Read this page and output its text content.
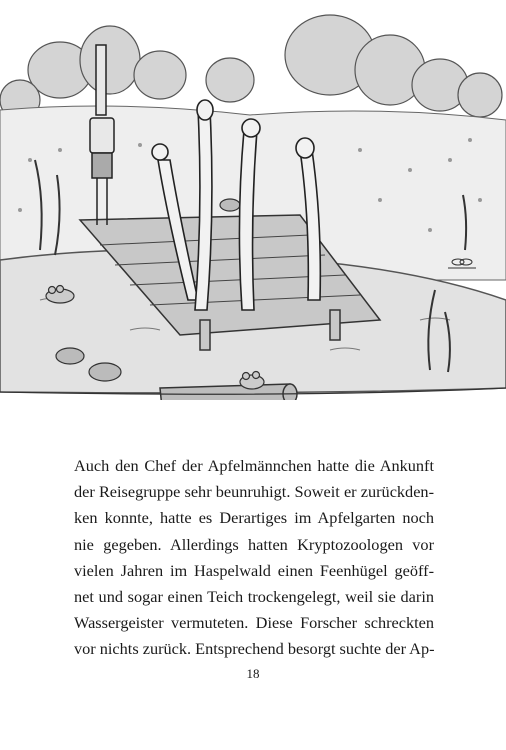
Auch den Chef der Apfelmännchen hatte die Ankunft
der Reisegruppe sehr beunruhigt. Soweit er zurückden-
ken konnte, hatte es Derartiges im Apfelgarten noch
nie gegeben. Allerdings hatten Kryptozoologen vor
vielen Jahren im Haspelwald einen Feenhügel geöff-
net und sogar einen Teich trockengelegt, weil sie darin
Wassergeister vermuteten. Diese Forscher schreckten
vor nichts zurück. Entsprechend besorgt suchte der Ap-
18
